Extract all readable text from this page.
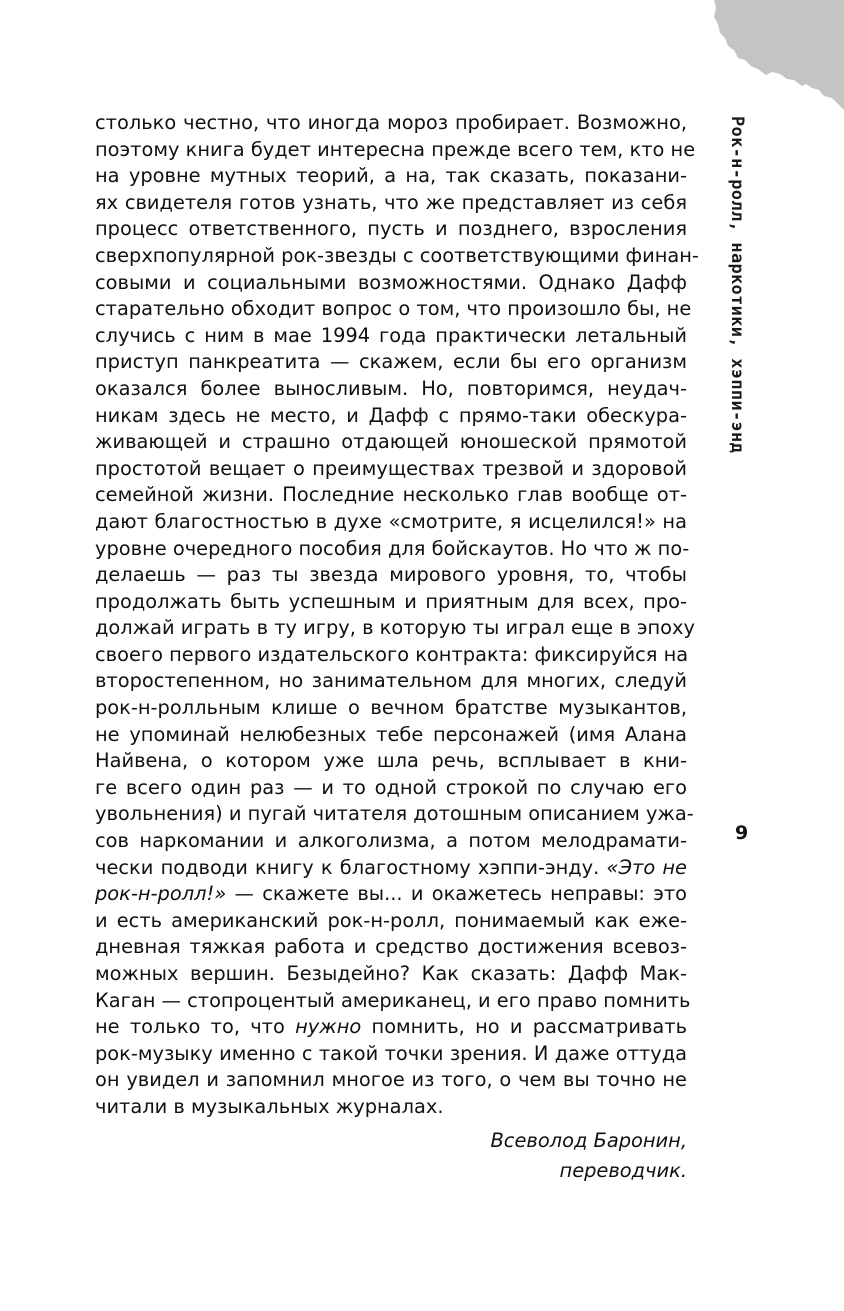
Рок-н-ролл, наркотики, хэппи-энд
9
столько честно, что иногда мороз пробирает. Возможно,
поэтому книга будет интересна прежде всего тем, кто не
на уровне мутных теорий, а на, так сказать, показани-
ях свидетеля готов узнать, что же представляет из себя
процесс ответственного, пусть и позднего, взросления
сверхпопулярной рок-звезды с соответствующими финан-
совыми и социальными возможностями. Однако Дафф
старательно обходит вопрос о том, что произошло бы, не
случись с ним в мае 1994 года практически летальный
приступ панкреатита — скажем, если бы его организм
оказался более выносливым. Но, повторимся, неудач-
никам здесь не место, и Дафф с прямо-таки обескура-
живающей и страшно отдающей юношеской прямотой
простотой вещает о преимуществах трезвой и здоровой
семейной жизни. Последние несколько глав вообще от-
дают благостностью в духе «смотрите, я исцелился!» на
уровне очередного пособия для бойскаутов. Но что ж по-
делаешь — раз ты звезда мирового уровня, то, чтобы
продолжать быть успешным и приятным для всех, про-
должай играть в ту игру, в которую ты играл еще в эпоху
своего первого издательского контракта: фиксируйся на
второстепенном, но занимательном для многих, следуй
рок-н-ролльным клише о вечном братстве музыкантов,
не упоминай нелюбезных тебе персонажей (имя Алана
Найвена, о котором уже шла речь, всплывает в кни-
ге всего один раз — и то одной строкой по случаю его
увольнения) и пугай читателя дотошным описанием ужа-
сов наркомании и алкоголизма, а потом мелодрамати-
чески подводи книгу к благостному хэппи-энду. «Это не
рок-н-ролл!» — скажете вы... и окажетесь неправы: это
и есть американский рок-н-ролл, понимаемый как еже-
дневная тяжкая работа и средство достижения всевоз-
можных вершин. Безыдейно? Как сказать: Дафф Мак-
Каган — стопроцентый американец, и его право помнить
не только то, что нужно помнить, но и рассматривать
рок-музыку именно с такой точки зрения. И даже оттуда
он увидел и запомнил многое из того, о чем вы точно не
читали в музыкальных журналах.
Всеволод Баронин,
переводчик.
